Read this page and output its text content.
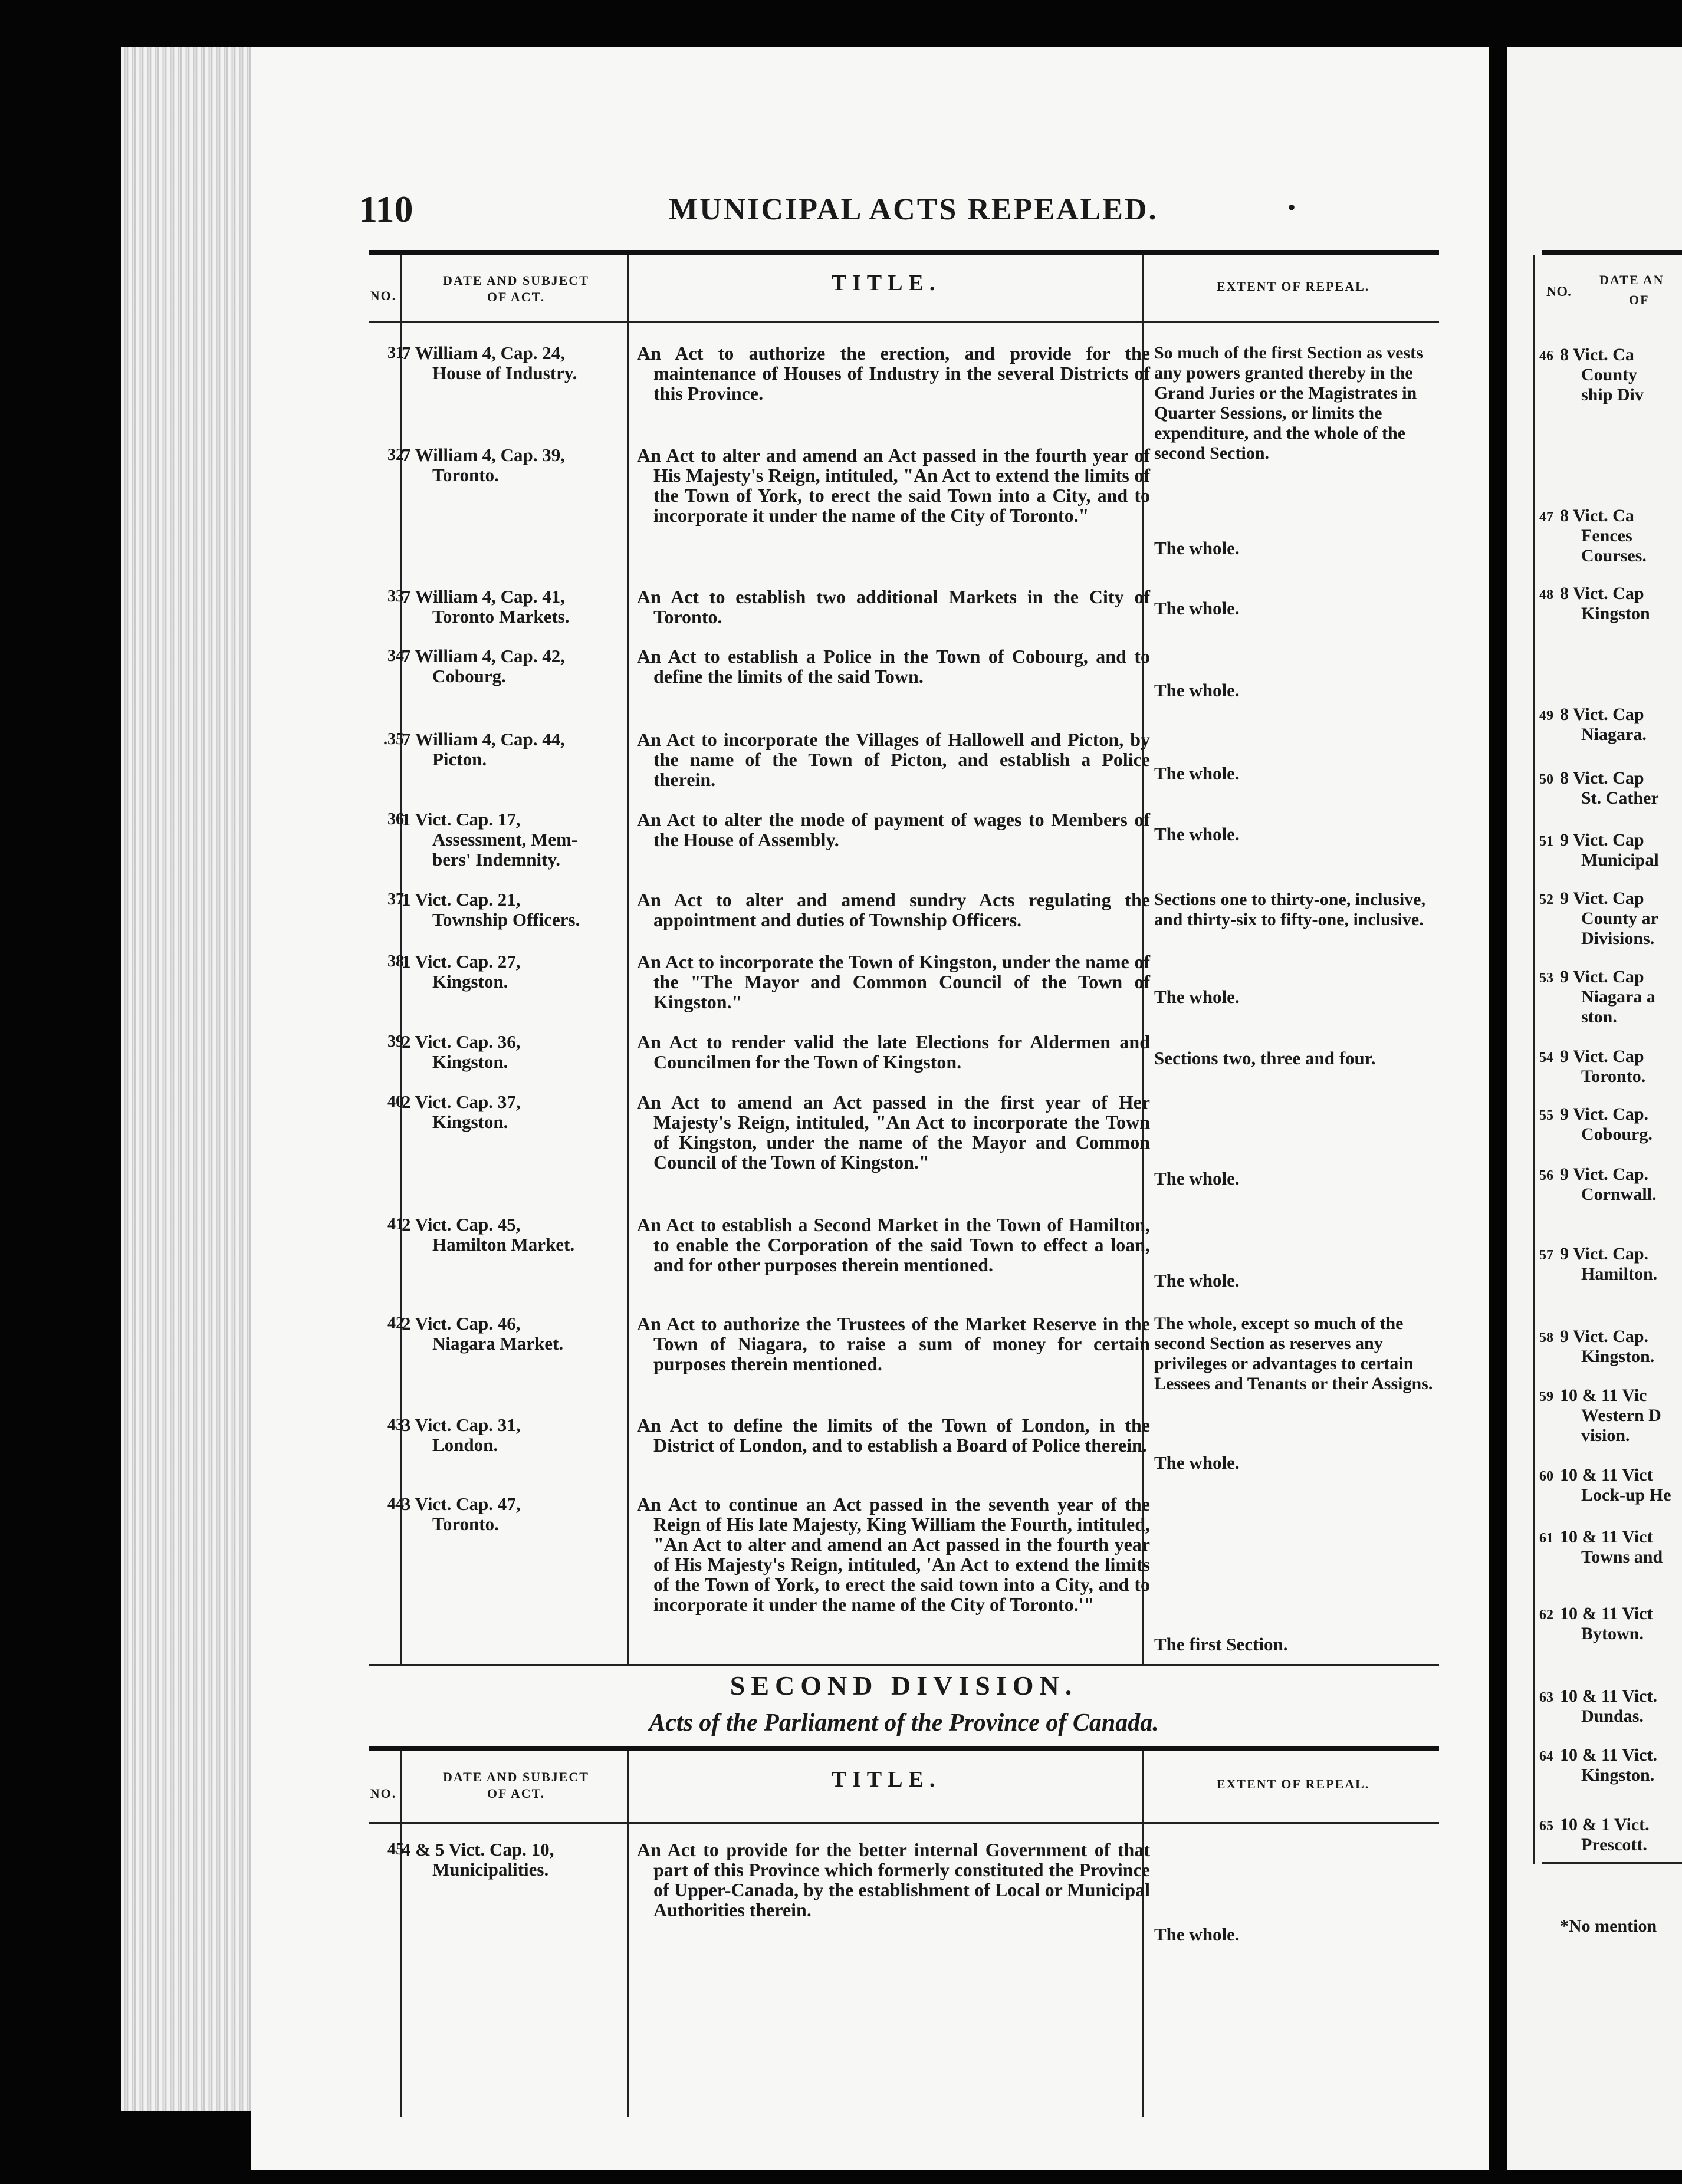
110	MUNICIPAL ACTS REPEALED.	•
NO.
DATE AND SUBJECT
OF ACT.
TITLE.	EXTENT OF REPEAL.
31
7 William 4, Cap. 24,
House of Industry.
An Act to authorize the erection, and provide for the maintenance of Houses of Industry in the several Districts of this Province.
So much of the first Section as vests any powers granted thereby in the Grand Juries or the Magistrates in Quarter Sessions, or limits the expenditure, and the whole of the second Section.
32
7 William 4, Cap. 39,
Toronto.
An Act to alter and amend an Act passed in the fourth year of His Majesty's Reign, intituled, "An Act to extend the limits of the Town of York, to erect the said Town into a City, and to incorporate it under the name of the City of Toronto."
The whole.
33
7 William 4, Cap. 41,
Toronto Markets.
An Act to establish two additional Markets in the City of Toronto.	The whole.
34
7 William 4, Cap. 42,
Cobourg.
An Act to establish a Police in the Town of Cobourg, and to define the limits of the said Town.
The whole.
.35
7 William 4, Cap. 44,
Picton.
An Act to incorporate the Villages of Hallowell and Picton, by the name of the Town of Picton, and establish a Police therein.	The whole.
36
1 Vict. Cap. 17,
Assessment, Mem-
bers' Indemnity.
An Act to alter the mode of payment of wages to Members of the House of Assembly.	The whole.
37
1 Vict. Cap. 21,
Township Officers.
An Act to alter and amend sundry Acts regulating the appointment and duties of Township Officers.
Sections one to thirty-one, inclusive, and thirty-six to fifty-one, inclusive.
38
1 Vict. Cap. 27,
Kingston.
An Act to incorporate the Town of Kingston, under the name of the "The Mayor and Common Council of the Town of Kingston."	The whole.
39
2 Vict. Cap. 36,
Kingston.
An Act to render valid the late Elections for Aldermen and Councilmen for the Town of Kingston.	Sections two, three and four.
40
2 Vict. Cap. 37,
Kingston.
An Act to amend an Act passed in the first year of Her Majesty's Reign, intituled, "An Act to incorporate the Town of Kingston, under the name of the Mayor and Common Council of the Town of Kingston."
The whole.
41
2 Vict. Cap. 45,
Hamilton Market.
An Act to establish a Second Market in the Town of Hamilton, to enable the Corporation of the said Town to effect a loan, and for other purposes therein mentioned.
The whole.
42
2 Vict. Cap. 46,
Niagara Market.
An Act to authorize the Trustees of the Market Reserve in the Town of Niagara, to raise a sum of money for certain purposes therein mentioned.
The whole, except so much of the second Section as reserves any privileges or advantages to certain Lessees and Tenants or their Assigns.
43
3 Vict. Cap. 31,
London.
An Act to define the limits of the Town of London, in the District of London, and to establish a Board of Police therein.
The whole.
44
3 Vict. Cap. 47,
Toronto.
An Act to continue an Act passed in the seventh year of the Reign of His late Majesty, King William the Fourth, intituled, "An Act to alter and amend an Act passed in the fourth year of His Majesty's Reign, intituled, 'An Act to extend the limits of the Town of York, to erect the said town into a City, and to incorporate it under the name of the City of Toronto.'"
The first Section.
SECOND DIVISION.
Acts of the Parliament of the Province of Canada.
NO.
DATE AND SUBJECT
OF ACT.
TITLE.	EXTENT OF REPEAL.
45
4 & 5 Vict. Cap. 10,
Municipalities.
An Act to provide for the better internal Government of that part of this Province which formerly constituted the Province of Upper-Canada, by the establishment of Local or Municipal Authorities therein.
The whole.
NO.
DATE AN
OF
46 8 Vict. Ca
County
ship Div
47 8 Vict. Ca
Fences
Courses.
48 8 Vict. Cap
Kingston
49 8 Vict. Cap
Niagara.
50 8 Vict. Cap
St. Cather
51 9 Vict. Cap
Municipal
52 9 Vict. Cap
County ar
Divisions.
53 9 Vict. Cap
Niagara a
ston.
54 9 Vict. Cap
Toronto.
55 9 Vict. Cap.
Cobourg.
56 9 Vict. Cap.
Cornwall.
57 9 Vict. Cap.
Hamilton.
58 9 Vict. Cap.
Kingston.
59 10 & 11 Vic
Western D
vision.
60 10 & 11 Vict
Lock-up He
61 10 & 11 Vict
Towns and
62 10 & 11 Vict
Bytown.
63 10 & 11 Vict.
Dundas.
64 10 & 11 Vict.
Kingston.
65 10 & 1 Vict.
Prescott.
*No mention
